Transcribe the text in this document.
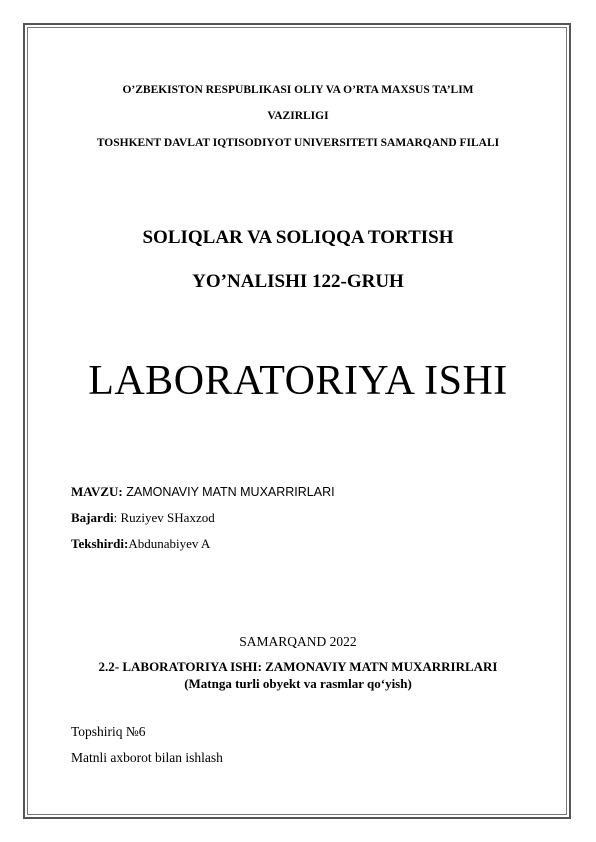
O’ZBEKISTON RESPUBLIKASI OLIY VA O’RTA MAXSUS TA’LIM
VAZIRLIGI
TOSHKENT DAVLAT IQTISODIYOT UNIVERSITETI SAMARQAND FILALI
SOLIQLAR VA SOLIQQA TORTISH
YO’NALISHI 122-GRUH
LABORATORIYA ISHI
MAVZU: ZAMONAVIY MATN MUXARRIRLARI
Bajardi: Ruziyev SHaxzod
Tekshirdi:Abdunabiyev A
SAMARQAND 2022
2.2- LABORATORIYA ISHI: ZAMONAVIY MATN MUXARRIRLARI
(Matnga turli obyekt va rasmlar qo‘yish)
Topshiriq №6
Matnli axborot bilan ishlash
